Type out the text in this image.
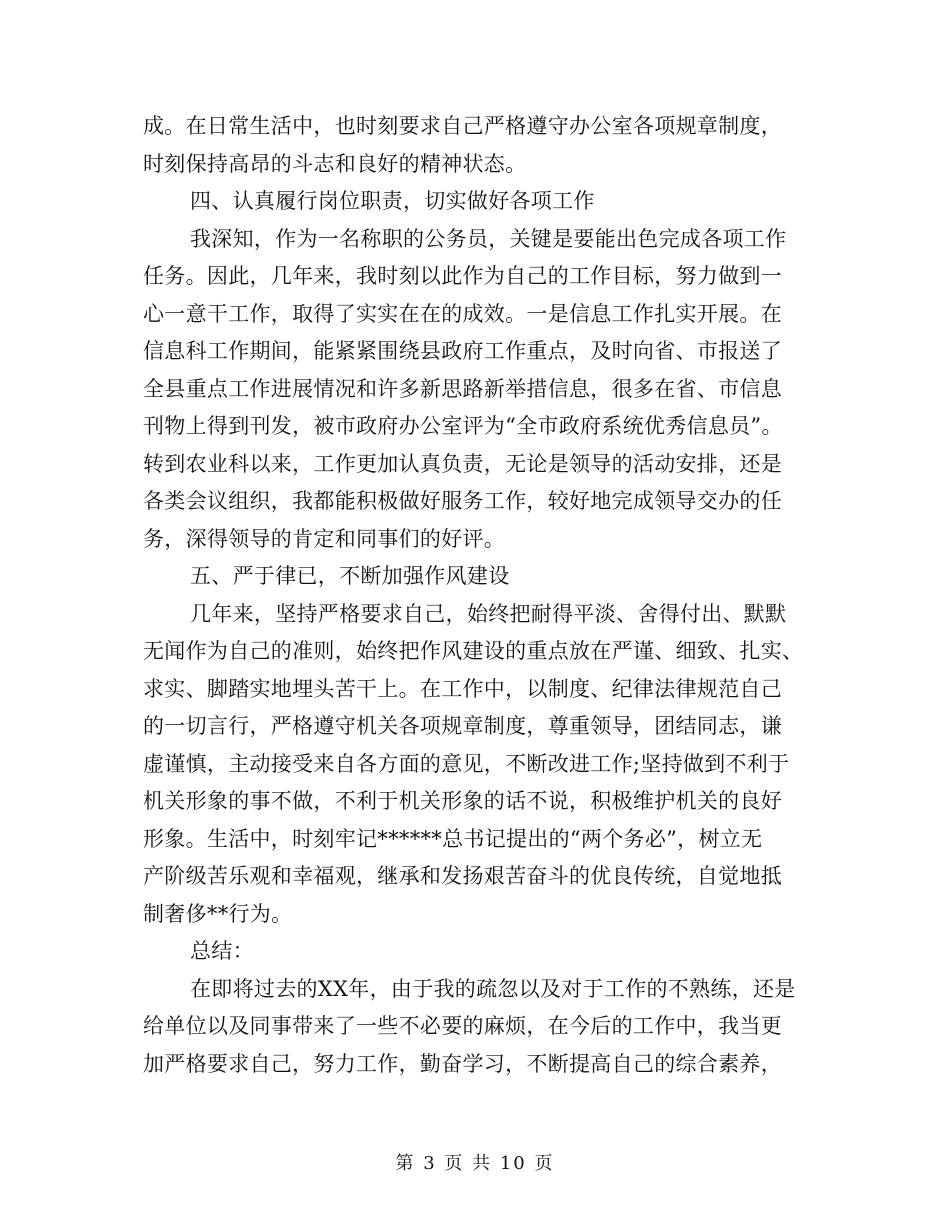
成。在日常生活中，也时刻要求自己严格遵守办公室各项规章制度，
时刻保持高昂的斗志和良好的精神状态。
四、认真履行岗位职责，切实做好各项工作
我深知，作为一名称职的公务员，关键是要能出色完成各项工作
任务。因此，几年来，我时刻以此作为自己的工作目标，努力做到一
心一意干工作，取得了实实在在的成效。一是信息工作扎实开展。在
信息科工作期间，能紧紧围绕县政府工作重点，及时向省、市报送了
全县重点工作进展情况和许多新思路新举措信息，很多在省、市信息
刊物上得到刊发，被市政府办公室评为“全市政府系统优秀信息员”。
转到农业科以来，工作更加认真负责，无论是领导的活动安排，还是
各类会议组织，我都能积极做好服务工作，较好地完成领导交办的任
务，深得领导的肯定和同事们的好评。
五、严于律已，不断加强作风建设
几年来，坚持严格要求自己，始终把耐得平淡、舍得付出、默默
无闻作为自己的准则，始终把作风建设的重点放在严谨、细致、扎实、
求实、脚踏实地埋头苦干上。在工作中，以制度、纪律法律规范自己
的一切言行，严格遵守机关各项规章制度，尊重领导，团结同志，谦
虚谨慎，主动接受来自各方面的意见，不断改进工作;坚持做到不利于
机关形象的事不做，不利于机关形象的话不说，积极维护机关的良好
形象。生活中，时刻牢记******总书记提出的“两个务必”，树立无
产阶级苦乐观和幸福观，继承和发扬艰苦奋斗的优良传统，自觉地抵
制奢侈**行为。
总结：
在即将过去的XX年，由于我的疏忽以及对于工作的不熟练，还是
给单位以及同事带来了一些不必要的麻烦，在今后的工作中，我当更
加严格要求自己，努力工作，勤奋学习，不断提高自己的综合素养，
第 3 页 共 10 页
